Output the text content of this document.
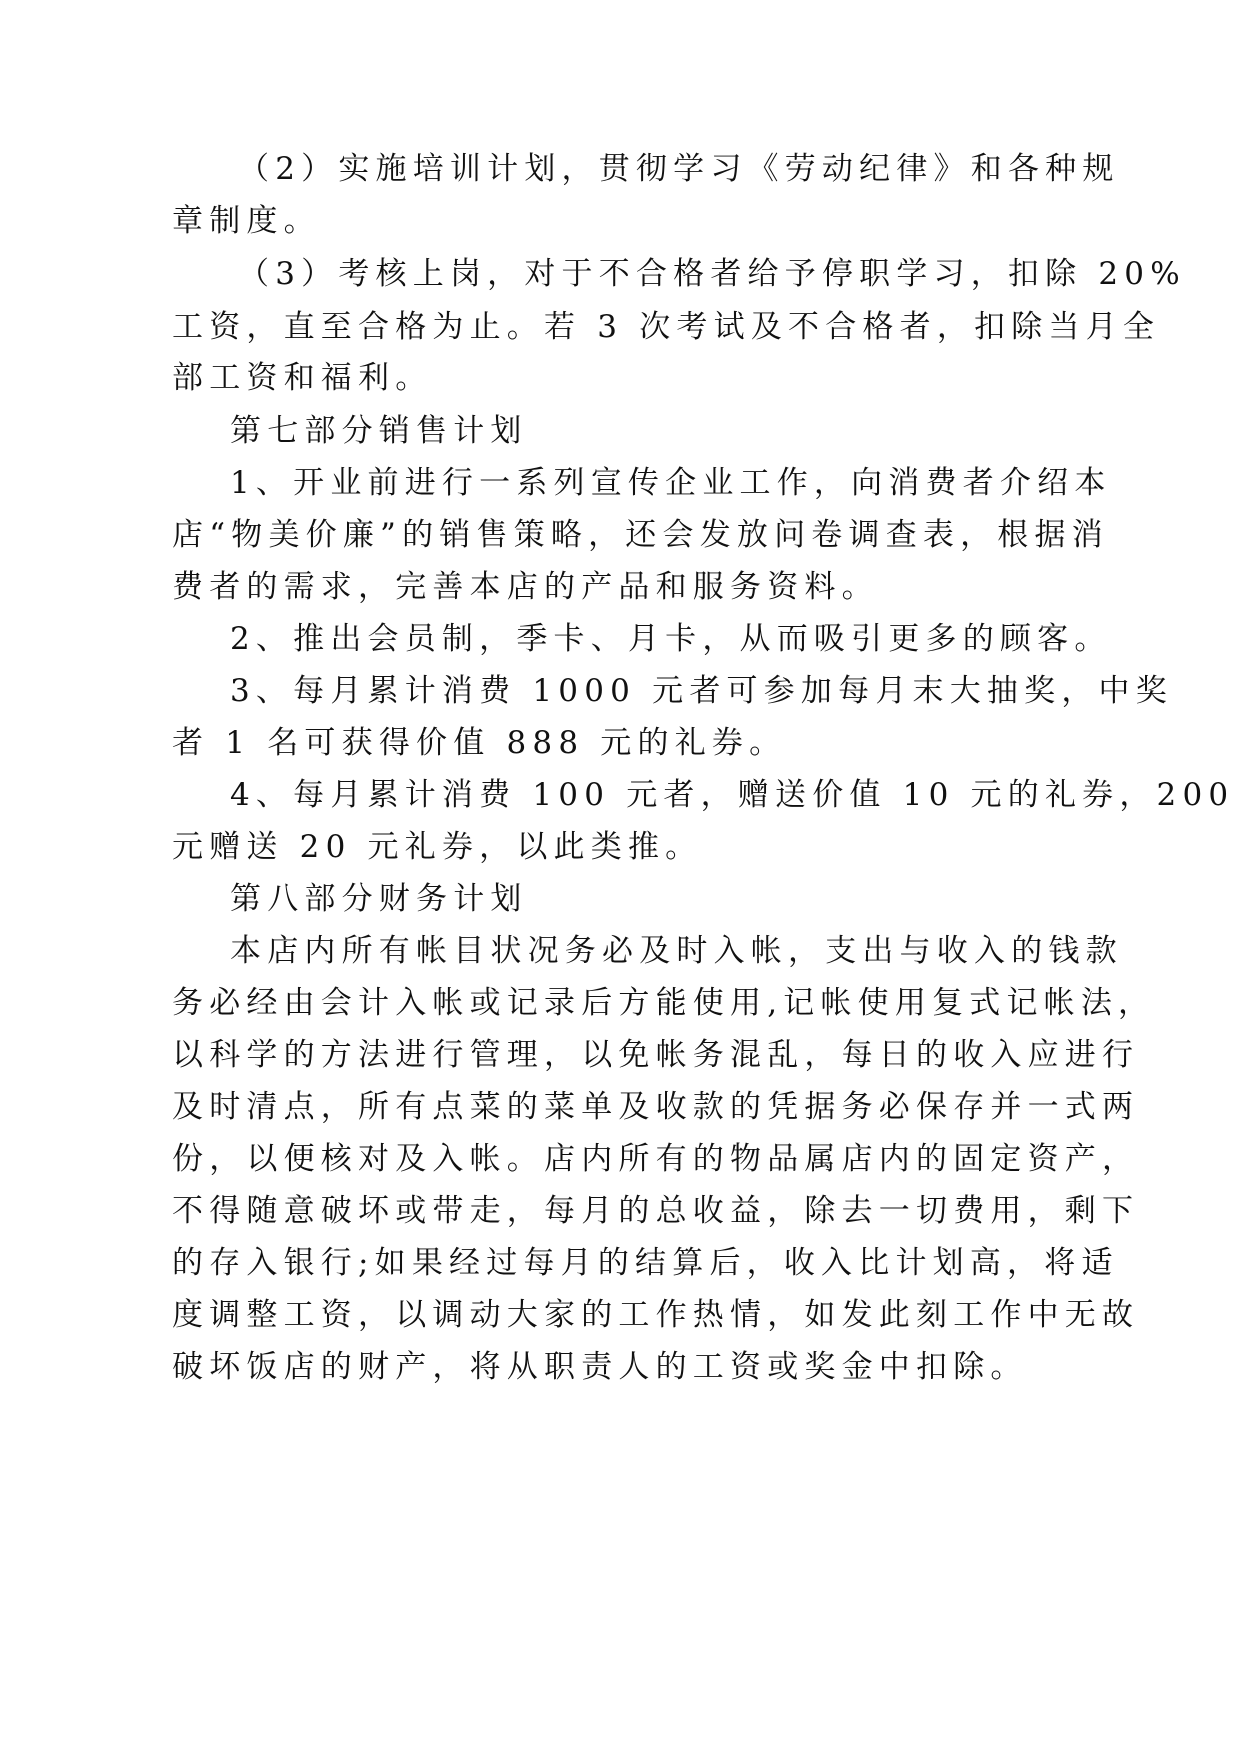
（2）实施培训计划，贯彻学习《劳动纪律》和各种规
章制度。
（3）考核上岗，对于不合格者给予停职学习，扣除 20%
工资，直至合格为止。若 3 次考试及不合格者，扣除当月全
部工资和福利。
第七部分销售计划
1、开业前进行一系列宣传企业工作，向消费者介绍本
店“物美价廉”的销售策略，还会发放问卷调查表，根据消
费者的需求，完善本店的产品和服务资料。
2、推出会员制，季卡、月卡，从而吸引更多的顾客。
3、每月累计消费 1000 元者可参加每月末大抽奖，中奖
者 1 名可获得价值 888 元的礼券。
4、每月累计消费 100 元者，赠送价值 10 元的礼券，200
元赠送 20 元礼券，以此类推。
第八部分财务计划
本店内所有帐目状况务必及时入帐，支出与收入的钱款
务必经由会计入帐或记录后方能使用,记帐使用复式记帐法，
以科学的方法进行管理，以免帐务混乱，每日的收入应进行
及时清点，所有点菜的菜单及收款的凭据务必保存并一式两
份，以便核对及入帐。店内所有的物品属店内的固定资产，
不得随意破坏或带走，每月的总收益，除去一切费用，剩下
的存入银行;如果经过每月的结算后，收入比计划高，将适
度调整工资，以调动大家的工作热情，如发此刻工作中无故
破坏饭店的财产，将从职责人的工资或奖金中扣除。
